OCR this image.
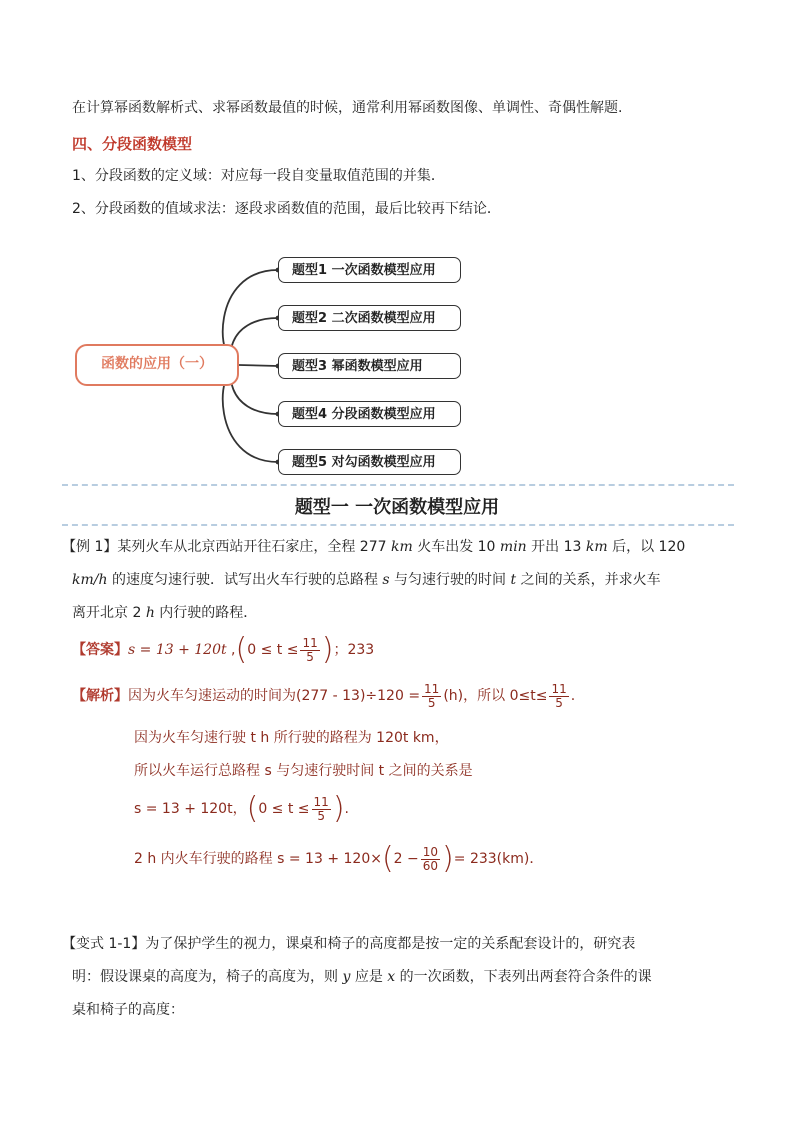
在计算幂函数解析式、求幂函数最值的时候，通常利用幂函数图像、单调性、奇偶性解题.
四、分段函数模型
1、分段函数的定义域：对应每一段自变量取值范围的并集．
2、分段函数的值域求法：逐段求函数值的范围，最后比较再下结论．
函数的应用（一）
题型1 一次函数模型应用
题型2 二次函数模型应用
题型3 幂函数模型应用
题型4 分段函数模型应用
题型5 对勾函数模型应用
题型一 一次函数模型应用
【例 1】某列火车从北京西站开往石家庄，全程 277 km 火车出发 10 min 开出 13 km 后，以 120
km/h 的速度匀速行驶．试写出火车行驶的总路程 s 与匀速行驶的时间 t 之间的关系，并求火车
离开北京 2 h 内行驶的路程．
【答案】 s = 13 + 120t , ( $0 \le t \le \frac{11}{5}$ ) ；233
【解析】 因为火车匀速运动的时间为$(277 - 13)\div 120 = \frac{11}{5} (h)$，所以 $0\le t\le \frac{11}{5}$ .
因为火车匀速行驶 t h 所行驶的路程为 120t km，
所以火车运行总路程 s 与匀速行驶时间 t 之间的关系是
s = 13 + 120t， ( $0 \le t \le \frac{11}{5}$ ) .
2 h 内火车行驶的路程 s = 13 + 120× ( $2 - \frac{10}{60}$ ) = 233(km)．
【变式 1-1】为了保护学生的视力，课桌和椅子的高度都是按一定的关系配套设计的，研究表
明：假设课桌的高度为，椅子的高度为，则 y 应是 x 的一次函数，下表列出两套符合条件的课
桌和椅子的高度：
